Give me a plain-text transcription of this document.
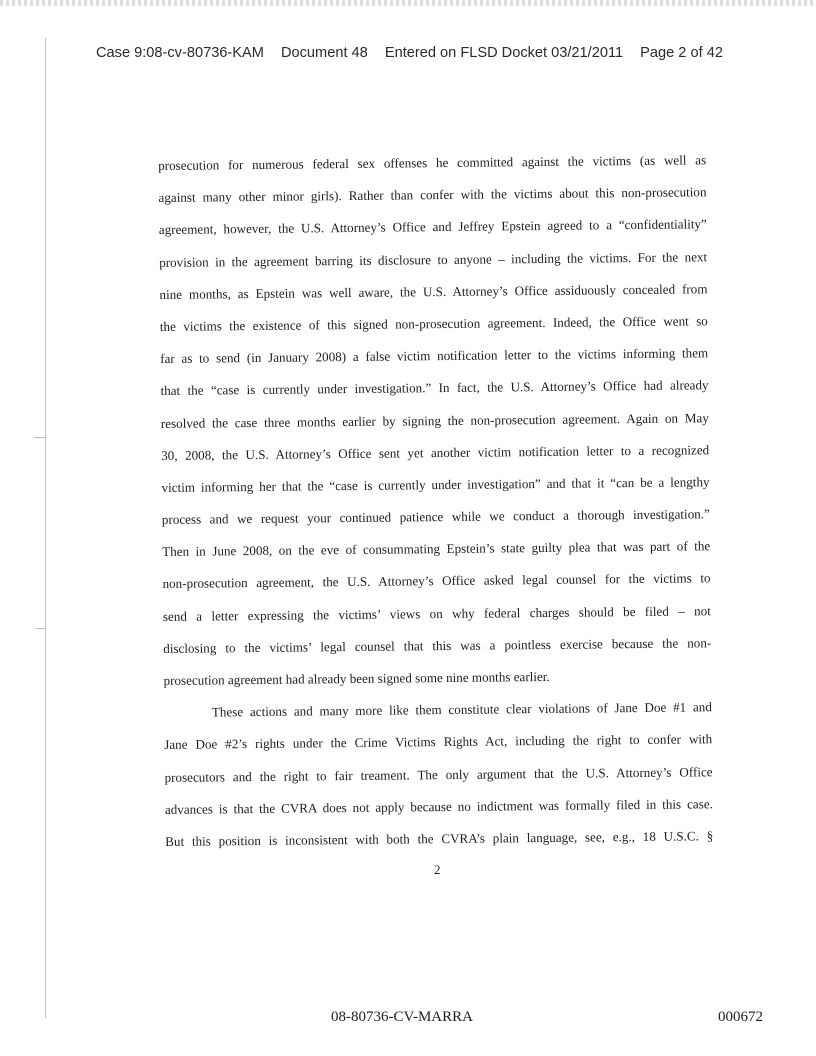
Case 9:08-cv-80736-KAM Document 48 Entered on FLSD Docket 03/21/2011 Page 2 of 42
prosecution for numerous federal sex offenses he committed against the victims (as well as
against many other minor girls). Rather than confer with the victims about this non-prosecution
agreement, however, the U.S. Attorney’s Office and Jeffrey Epstein agreed to a “confidentiality”
provision in the agreement barring its disclosure to anyone – including the victims. For the next
nine months, as Epstein was well aware, the U.S. Attorney’s Office assiduously concealed from
the victims the existence of this signed non-prosecution agreement. Indeed, the Office went so
far as to send (in January 2008) a false victim notification letter to the victims informing them
that the “case is currently under investigation.” In fact, the U.S. Attorney’s Office had already
resolved the case three months earlier by signing the non-prosecution agreement. Again on May
30, 2008, the U.S. Attorney’s Office sent yet another victim notification letter to a recognized
victim informing her that the “case is currently under investigation” and that it “can be a lengthy
process and we request your continued patience while we conduct a thorough investigation.”
Then in June 2008, on the eve of consummating Epstein’s state guilty plea that was part of the
non-prosecution agreement, the U.S. Attorney’s Office asked legal counsel for the victims to
send a letter expressing the victims’ views on why federal charges should be filed – not
disclosing to the victims’ legal counsel that this was a pointless exercise because the non-
prosecution agreement had already been signed some nine months earlier.
These actions and many more like them constitute clear violations of Jane Doe #1 and
Jane Doe #2’s rights under the Crime Victims Rights Act, including the right to confer with
prosecutors and the right to fair treament. The only argument that the U.S. Attorney’s Office
advances is that the CVRA does not apply because no indictment was formally filed in this case.
But this position is inconsistent with both the CVRA’s plain language, see, e.g., 18 U.S.C. §
2
08-80736-CV-MARRA	000672
